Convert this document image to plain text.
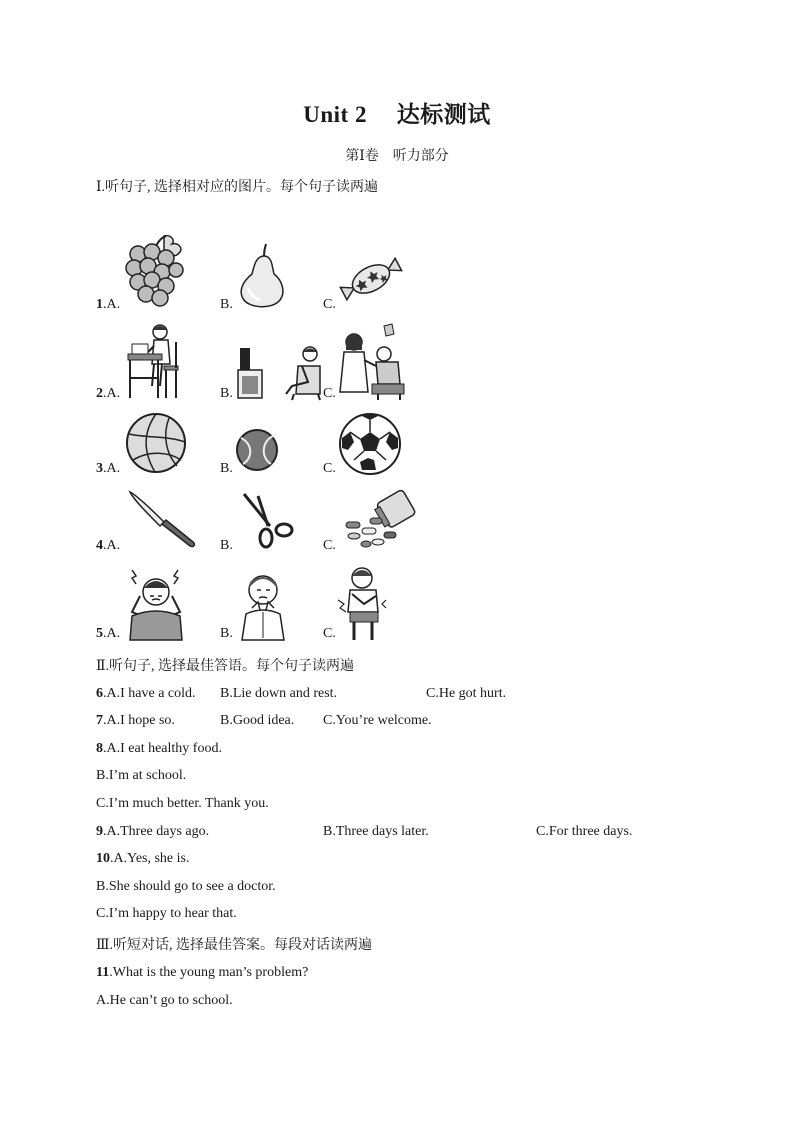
Unit 2　 达标测试
第Ⅰ卷　听力部分
Ⅰ.听句子, 选择相对应的图片。每个句子读两遍
1.A.	B.	C.
2.A.	B.	C.
3.A.	B.	C.
4.A.	B.	C.
5.A.	B.	C.
Ⅱ.听句子, 选择最佳答语。每个句子读两遍
6.A.I have a cold. B.Lie down and rest.	C.He got hurt.
7.A.I hope so.	B.Good idea. C.You’re welcome.
8.A.I eat healthy food.
B.I’m at school.
C.I’m much better. Thank you.
9.A.Three days ago.	B.Three days later.	C.For three days.
10.A.Yes, she is.
B.She should go to see a doctor.
C.I’m happy to hear that.
Ⅲ.听短对话, 选择最佳答案。每段对话读两遍
11.What is the young man’s problem?
A.He can’t go to school.
